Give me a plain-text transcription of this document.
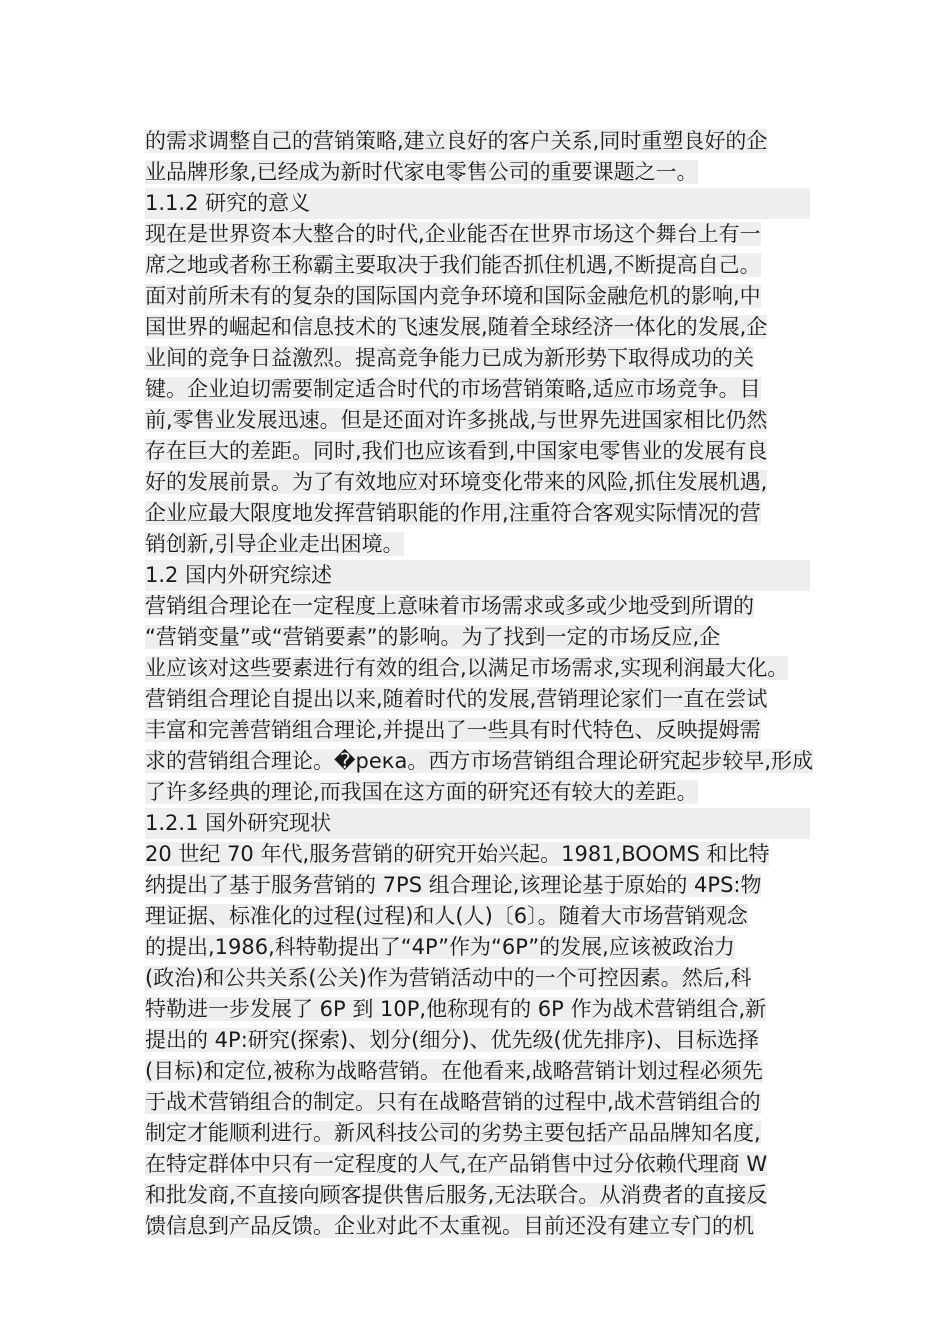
的需求调整自己的营销策略,建立良好的客户关系,同时重塑良好的企
业品牌形象,已经成为新时代家电零售公司的重要课题之一。

1.1.2 研究的意义

现在是世界资本大整合的时代,企业能否在世界市场这个舞台上有一
席之地或者称王称霸主要取决于我们能否抓住机遇,不断提高自己。
面对前所未有的复杂的国际国内竞争环境和国际金融危机的影响,中
国世界的崛起和信息技术的飞速发展,随着全球经济一体化的发展,企
业间的竞争日益激烈。提高竞争能力已成为新形势下取得成功的关
键。企业迫切需要制定适合时代的市场营销策略,适应市场竞争。目
前,零售业发展迅速。但是还面对许多挑战,与世界先进国家相比仍然
存在巨大的差距。同时,我们也应该看到,中国家电零售业的发展有良
好的发展前景。为了有效地应对环境变化带来的风险,抓住发展机遇,
企业应最大限度地发挥营销职能的作用,注重符合客观实际情况的营
销创新,引导企业走出困境。

1.2 国内外研究综述

营销组合理论在一定程度上意味着市场需求或多或少地受到所谓的
“营销变量”或“营销要素”的影响。为了找到一定的市场反应,企
业应该对这些要素进行有效的组合,以满足市场需求,实现利润最大化。
营销组合理论自提出以来,随着时代的发展,营销理论家们一直在尝试
丰富和完善营销组合理论,并提出了一些具有时代特色、反映提姆需
求的营销组合理论。�река。西方市场营销组合理论研究起步较早,形成
了许多经典的理论,而我国在这方面的研究还有较大的差距。

1.2.1 国外研究现状

20 世纪 70 年代,服务营销的研究开始兴起。1981,BOOMS 和比特
纳提出了基于服务营销的 7PS 组合理论,该理论基于原始的 4PS:物
理证据、标准化的过程(过程)和人(人)〔6〕。随着大市场营销观念
的提出,1986,科特勒提出了“4P”作为“6P”的发展,应该被政治力
(政治)和公共关系(公关)作为营销活动中的一个可控因素。然后,科
特勒进一步发展了 6P 到 10P,他称现有的 6P 作为战术营销组合,新
提出的 4P:研究(探索)、划分(细分)、优先级(优先排序)、目标选择
(目标)和定位,被称为战略营销。在他看来,战略营销计划过程必须先
于战术营销组合的制定。只有在战略营销的过程中,战术营销组合的
制定才能顺利进行。新风科技公司的劣势主要包括产品品牌知名度,
在特定群体中只有一定程度的人气,在产品销售中过分依赖代理商 W
和批发商,不直接向顾客提供售后服务,无法联合。从消费者的直接反
馈信息到产品反馈。企业对此不太重视。目前还没有建立专门的机
